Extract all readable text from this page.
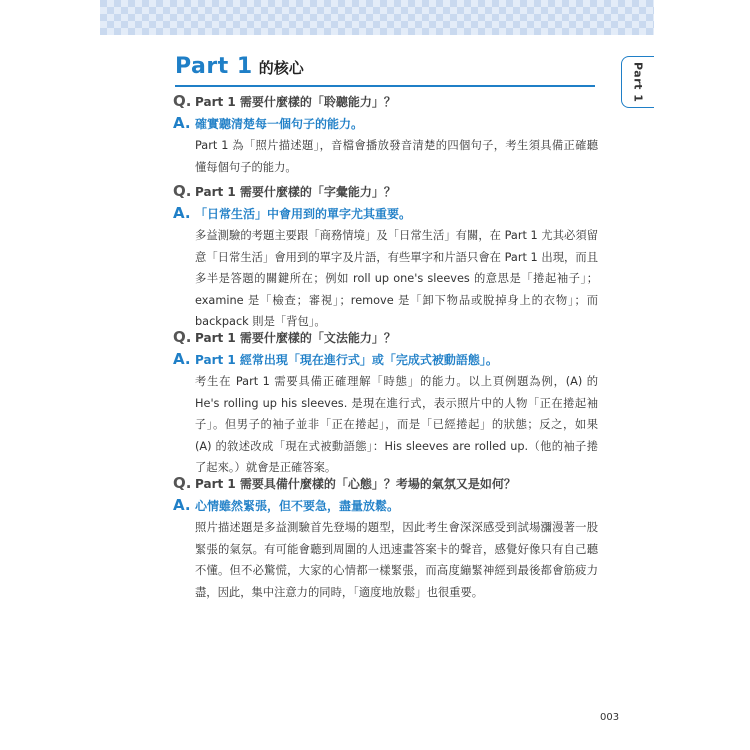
Part 1
Part 1 的核心
Q. Part 1 需要什麼樣的「聆聽能力」？
A. 確實聽清楚每一個句子的能力。
Part 1 為「照片描述題」，音檔會播放發音清楚的四個句子，考生須具備正確聽懂每個句子的能力。
Q. Part 1 需要什麼樣的「字彙能力」？
A. 「日常生活」中會用到的單字尤其重要。
多益測驗的考題主要跟「商務情境」及「日常生活」有關，在 Part 1 尤其必須留意「日常生活」會用到的單字及片語，有些單字和片語只會在 Part 1 出現，而且多半是答題的關鍵所在；例如 roll up one's sleeves 的意思是「捲起袖子」；examine 是「檢查；審視」；remove 是「卸下物品或脫掉身上的衣物」；而 backpack 則是「背包」。
Q. Part 1 需要什麼樣的「文法能力」？
A. Part 1 經常出現「現在進行式」或「完成式被動語態」。
考生在 Part 1 需要具備正確理解「時態」的能力。以上頁例題為例，(A) 的 He's rolling up his sleeves. 是現在進行式，表示照片中的人物「正在捲起袖子」。但男子的袖子並非「正在捲起」，而是「已經捲起」的狀態；反之，如果 (A) 的敘述改成「現在式被動語態」：His sleeves are rolled up.（他的袖子捲了起來。）就會是正確答案。
Q. Part 1 需要具備什麼樣的「心態」？考場的氣氛又是如何？
A. 心情雖然緊張，但不要急，盡量放鬆。
照片描述題是多益測驗首先登場的題型，因此考生會深深感受到試場瀰漫著一股緊張的氣氛。有可能會聽到周圍的人迅速畫答案卡的聲音，感覺好像只有自己聽不懂。但不必驚慌，大家的心情都一樣緊張，而高度繃緊神經到最後都會筋疲力盡，因此，集中注意力的同時，「適度地放鬆」也很重要。
003
